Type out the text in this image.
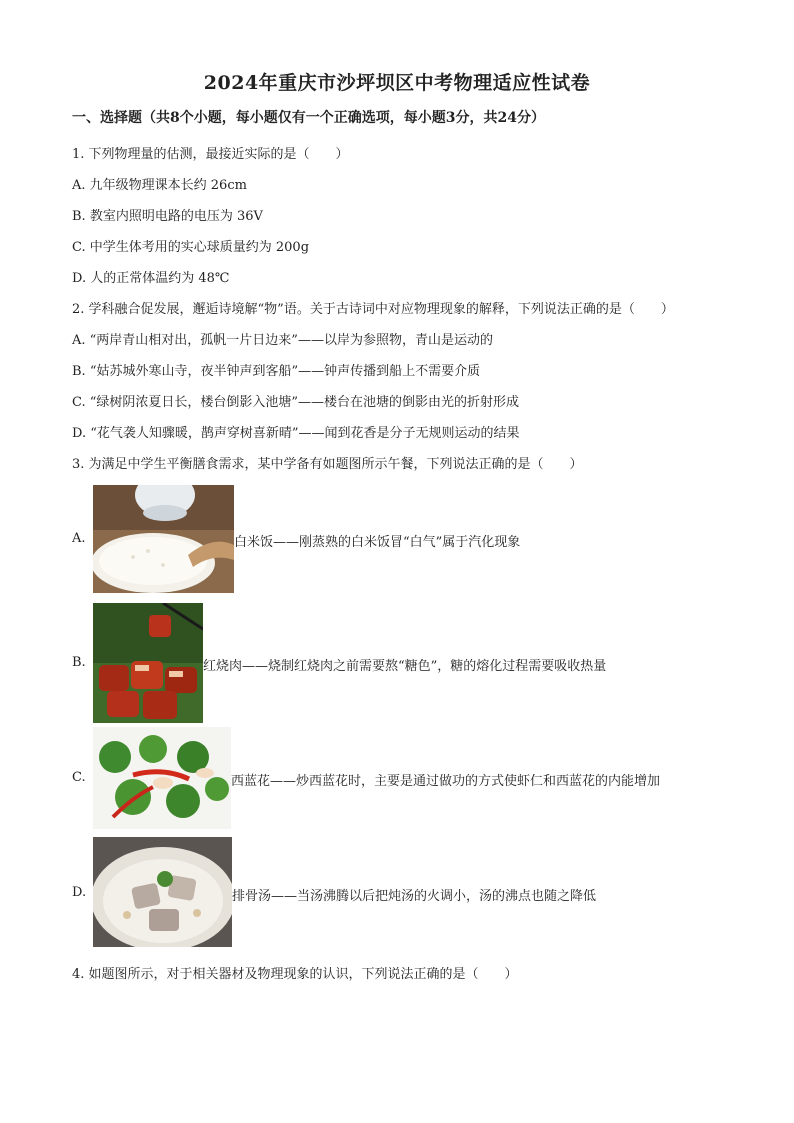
2024年重庆市沙坪坝区中考物理适应性试卷
一、选择题（共8个小题，每小题仅有一个正确选项，每小题3分，共24分）
1. 下列物理量的估测，最接近实际的是（　　）
A. 九年级物理课本长约 26cm
B. 教室内照明电路的电压为 36V
C. 中学生体考用的实心球质量约为 200g
D. 人的正常体温约为 48℃
2. 学科融合促发展，邂逅诗境解“物”语。关于古诗词中对应物理现象的解释，下列说法正确的是（　　）
A. “两岸青山相对出，孤帆一片日边来”——以岸为参照物，青山是运动的
B. “姑苏城外寒山寺，夜半钟声到客船”——钟声传播到船上不需要介质
C. “绿树阴浓夏日长，楼台倒影入池塘”——楼台在池塘的倒影由光的折射形成
D. “花气袭人知骤暖，鹊声穿树喜新晴”——闻到花香是分子无规则运动的结果
3. 为满足中学生平衡膳食需求，某中学备有如题图所示午餐，下列说法正确的是（　　）
A.	白米饭——刚蒸熟的白米饭冒“白气”属于汽化现象
B.	红烧肉——烧制红烧肉之前需要熬“糖色”，糖的熔化过程需要吸收热量
C.	西蓝花——炒西蓝花时，主要是通过做功的方式使虾仁和西蓝花的内能增加
D.	排骨汤——当汤沸腾以后把炖汤的火调小，汤的沸点也随之降低
4. 如题图所示，对于相关器材及物理现象的认识，下列说法正确的是（　　）
